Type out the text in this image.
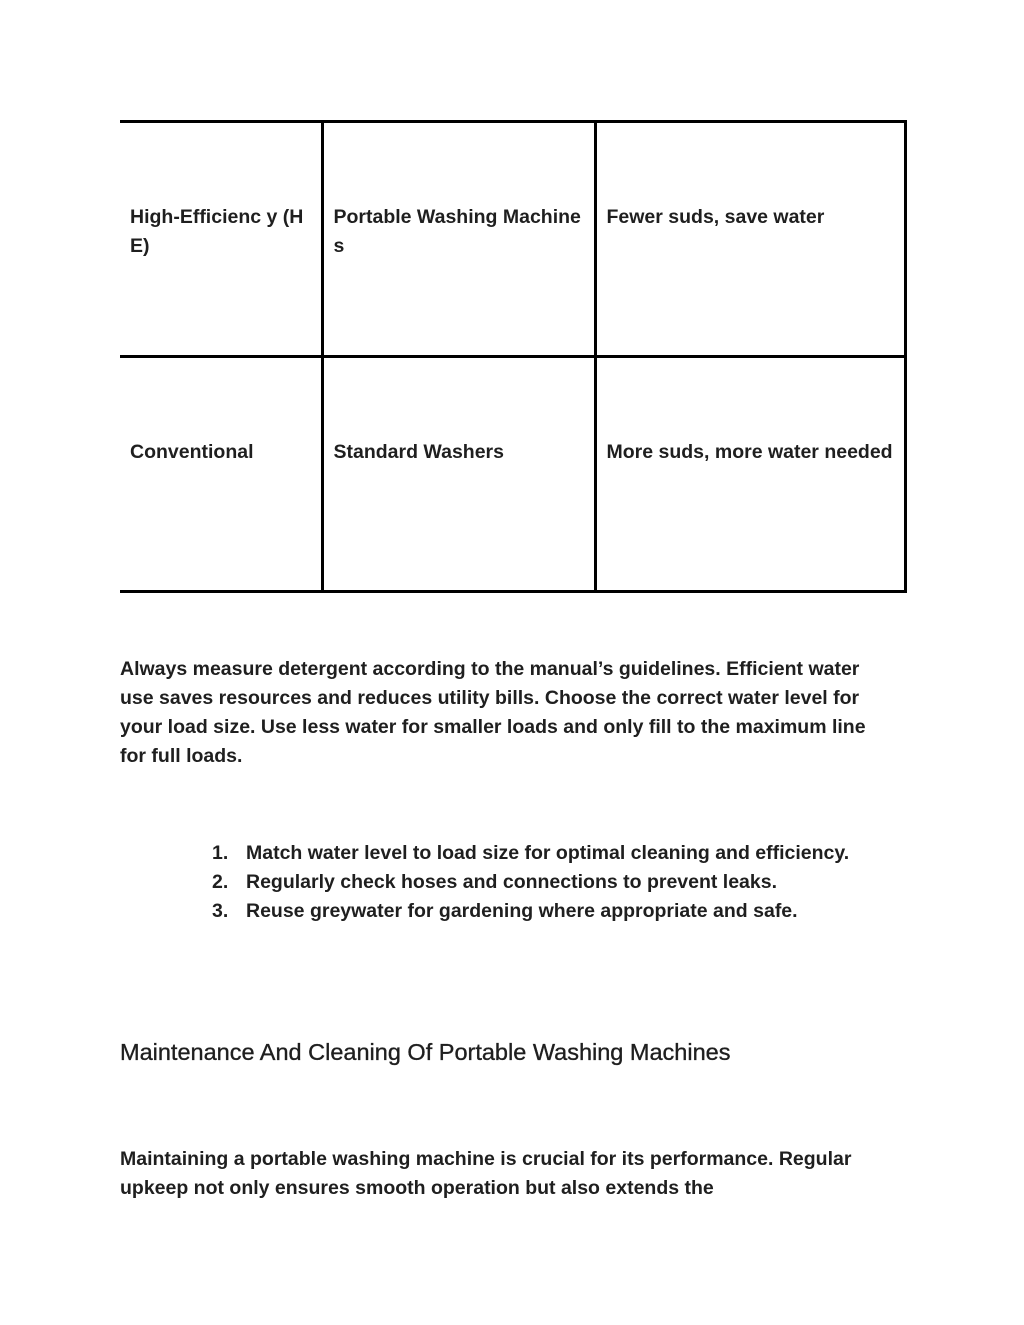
High-Efficienc y (HE)	Portable Washing Machines	Fewer suds, save water
Conventional	Standard Washers	More suds, more water needed

Always measure detergent according to the manual’s guidelines. Efficient water use saves resources and reduces utility bills. Choose the correct water level for your load size. Use less water for smaller loads and only fill to the maximum line for full loads.

1. Match water level to load size for optimal cleaning and efficiency.
2. Regularly check hoses and connections to prevent leaks.
3. Reuse greywater for gardening where appropriate and safe.
Maintenance And Cleaning Of Portable Washing Machines

Maintaining a portable washing machine is crucial for its performance. Regular upkeep not only ensures smooth operation but also extends the
